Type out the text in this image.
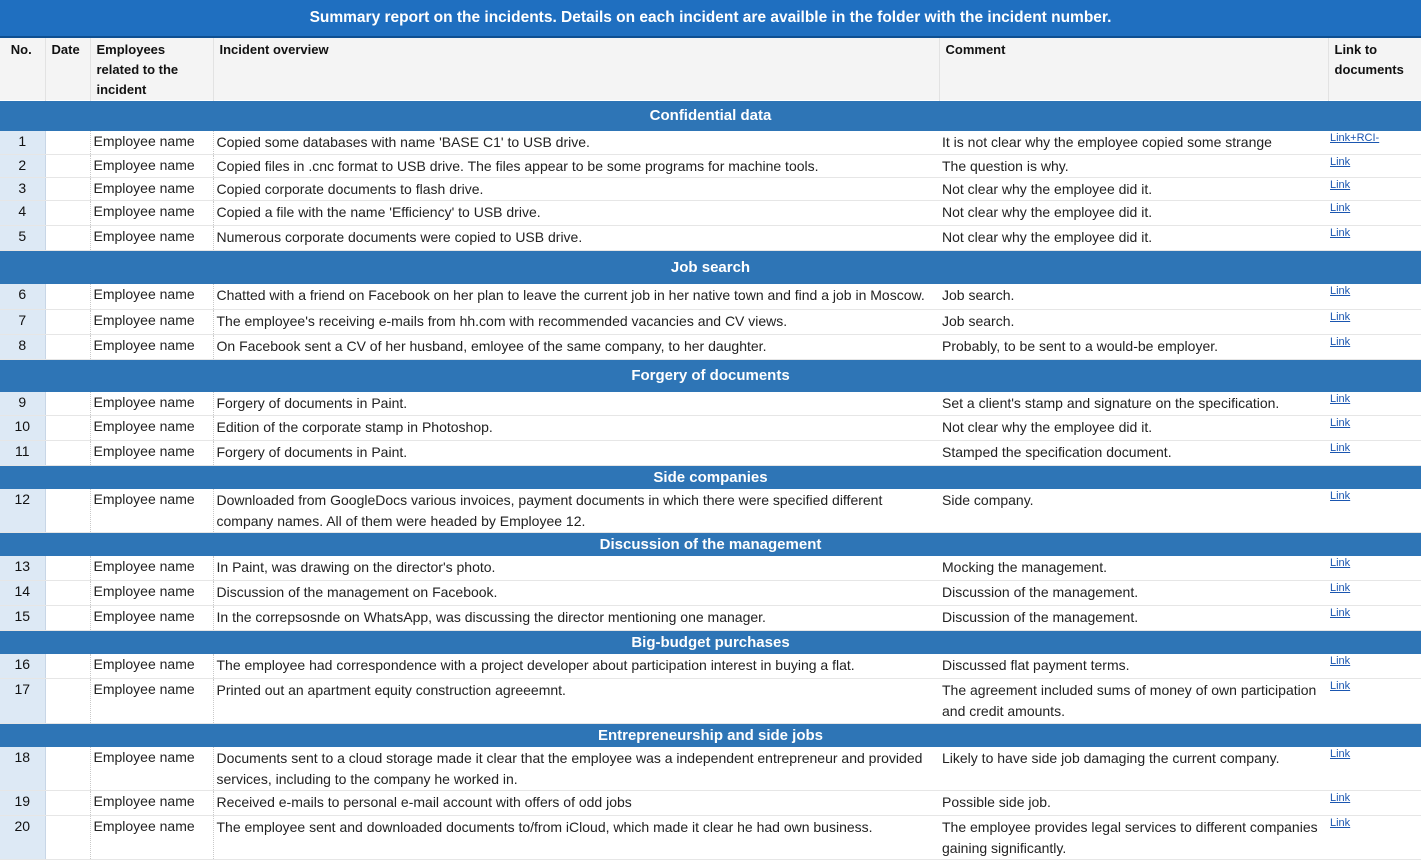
Summary report on the incidents. Details on each incident are availble in the folder with the incident number.
No.	Date	Employees related to the incident	Incident overview	Comment	Link to documents
Confidential data					
1		Employee name	Copied some databases with name 'BASE C1' to USB drive.	It is not clear why the employee copied some strange	Link+RCI-

2		Employee name	Copied files in .cnc format to USB drive. The files appear to be some programs for machine tools.	The question is why.	Link

3		Employee name	Copied corporate documents to flash drive.	Not clear why the employee did it.	Link

4		Employee name	Copied a file with the name 'Efficiency' to USB drive.	Not clear why the employee did it.	Link

5		Employee name	Numerous corporate documents were copied to USB drive.	Not clear why the employee did it.	Link

Job search					
6		Employee name	Chatted with a friend on Facebook on her plan to leave the current job in her native town and find a job in Moscow.	Job search.	Link

7		Employee name	The employee's receiving e-mails from hh.com with recommended vacancies and CV views.	Job search.	Link

8		Employee name	On Facebook sent a CV of her husband, emloyee of the same company, to her daughter.	Probably, to be sent to a would-be employer.	Link

Forgery of documents					
9		Employee name	Forgery of documents in Paint.	Set a client's stamp and signature on the specification.	Link

10		Employee name	Edition of the corporate stamp in Photoshop.	Not clear why the employee did it.	Link

11		Employee name	Forgery of documents in Paint.	Stamped the specification document.	Link

Side companies					
12		Employee name	Downloaded from GoogleDocs various invoices, payment documents in which there were specified different company names. All of them were headed by Employee 12.	Side company.	Link

Discussion of the management					
13		Employee name	In Paint, was drawing on the director's photo.	Mocking the management.	Link

14		Employee name	Discussion of the management on Facebook.	Discussion of the management.	Link

15		Employee name	In the correpsosnde on WhatsApp, was discussing the director mentioning one manager.	Discussion of the management.	Link

Big-budget purchases					
16		Employee name	The employee had correspondence with a project developer about participation interest in buying a flat.	Discussed flat payment terms.	Link

17		Employee name	Printed out an apartment equity construction agreeemnt.	The agreement included sums of money of own participation and credit amounts.	Link

Entrepreneurship and side jobs					
18		Employee name	Documents sent to a cloud storage made it clear that the employee was a independent entrepreneur and provided services, including to the company he worked in.	Likely to have side job damaging the current company.	Link

19		Employee name	Received e-mails to personal e-mail account with offers of odd jobs	Possible side job.	Link

20		Employee name	The employee sent and downloaded documents to/from iCloud, which made it clear he had own business.	The employee provides legal services to different companies gaining significantly.	Link
